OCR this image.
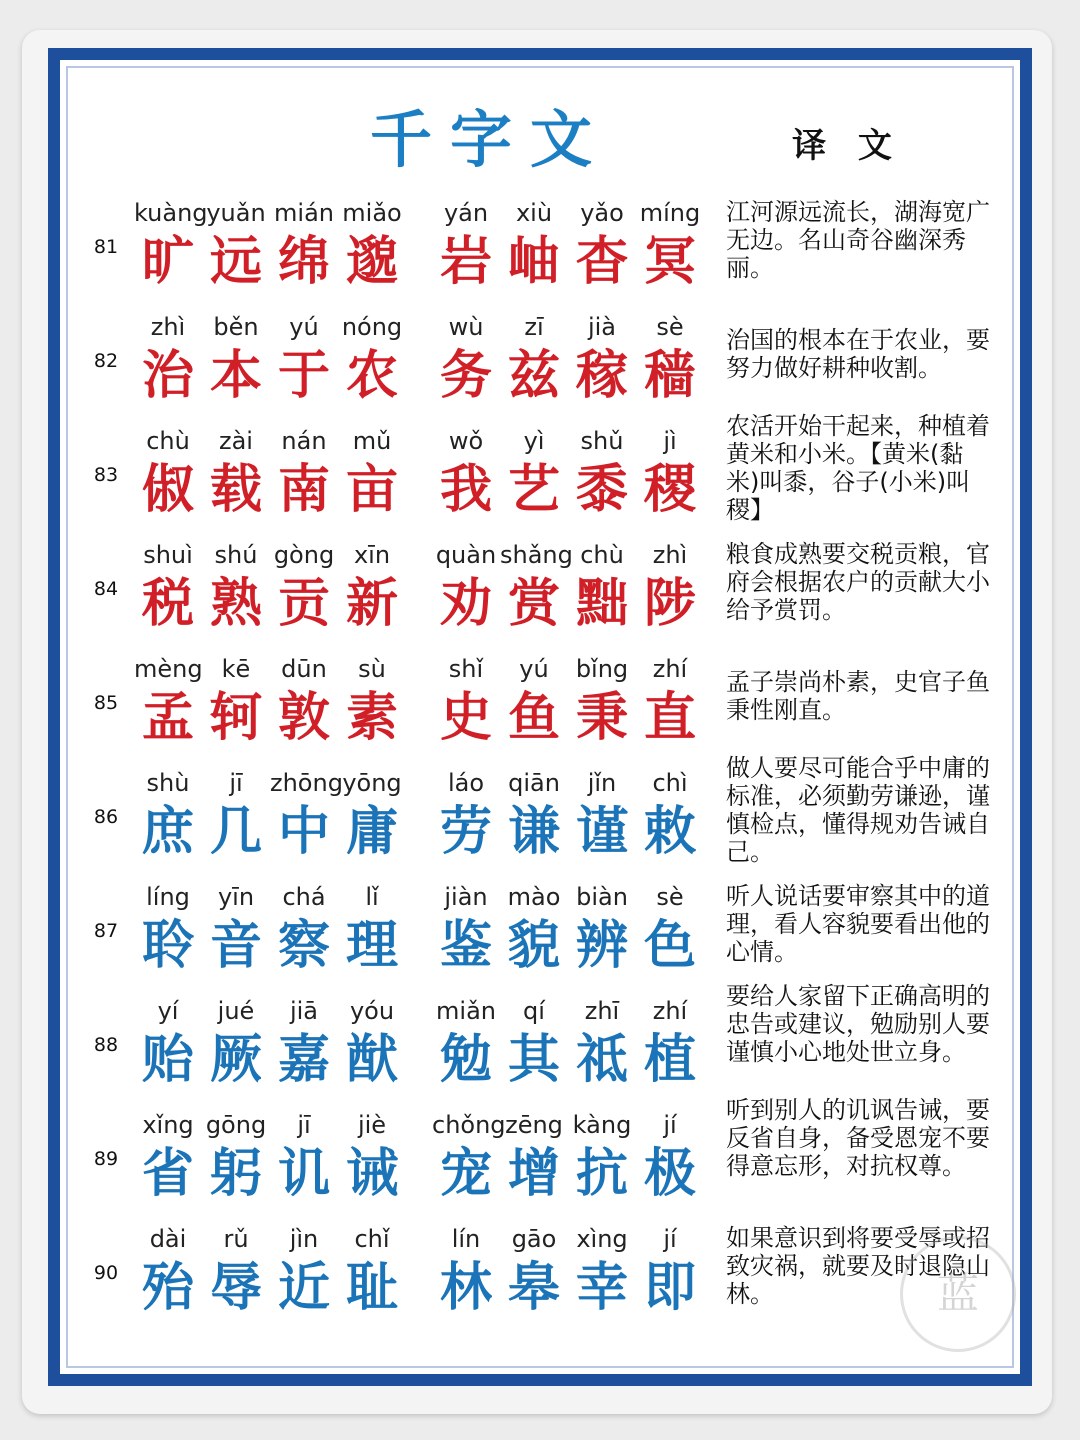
千字文	译 文
81
kuàng
旷
yuǎn
远
mián
绵
miǎo
邈
yán
岩
xiù
岫
yǎo
杳
míng
冥
江河源远流长，湖海宽广无边。名山奇谷幽深秀丽。
82
zhì
治
běn
本
yú
于
nóng
农
wù
务
zī
兹
jià
稼
sè
穑
治国的根本在于农业，要努力做好耕种收割。
83
chù
俶
zài
载
nán
南
mǔ
亩
wǒ
我
yì
艺
shǔ
黍
jì
稷
农活开始干起来，种植着黄米和小米。【黄米(黏米)叫黍，谷子(小米)叫稷】
84
shuì
税
shú
熟
gòng
贡
xīn
新
quàn
劝
shǎng
赏
chù
黜
zhì
陟
粮食成熟要交税贡粮，官府会根据农户的贡献大小给予赏罚。
85
mèng
孟
kē
轲
dūn
敦
sù
素
shǐ
史
yú
鱼
bǐng
秉
zhí
直
孟子崇尚朴素，史官子鱼秉性刚直。
86
shù
庶
jī
几
zhōng
中
yōng
庸
láo
劳
qiān
谦
jǐn
谨
chì
敕
做人要尽可能合乎中庸的标准，必须勤劳谦逊，谨慎检点，懂得规劝告诫自己。
87
líng
聆
yīn
音
chá
察
lǐ
理
jiàn
鉴
mào
貌
biàn
辨
sè
色
听人说话要审察其中的道理，看人容貌要看出他的心情。
88
yí
贻
jué
厥
jiā
嘉
yóu
猷
miǎn
勉
qí
其
zhī
祗
zhí
植
要给人家留下正确高明的忠告或建议，勉励别人要谨慎小心地处世立身。
89
xǐng
省
gōng
躬
jī
讥
jiè
诫
chǒng
宠
zēng
增
kàng
抗
jí
极
听到别人的讥讽告诫，要反省自身，备受恩宠不要得意忘形，对抗权尊。
90
dài
殆
rǔ
辱
jìn
近
chǐ
耻
lín
林
gāo
皋
xìng
幸
jí
即
如果意识到将要受辱或招致灾祸，就要及时退隐山林。	蓝
